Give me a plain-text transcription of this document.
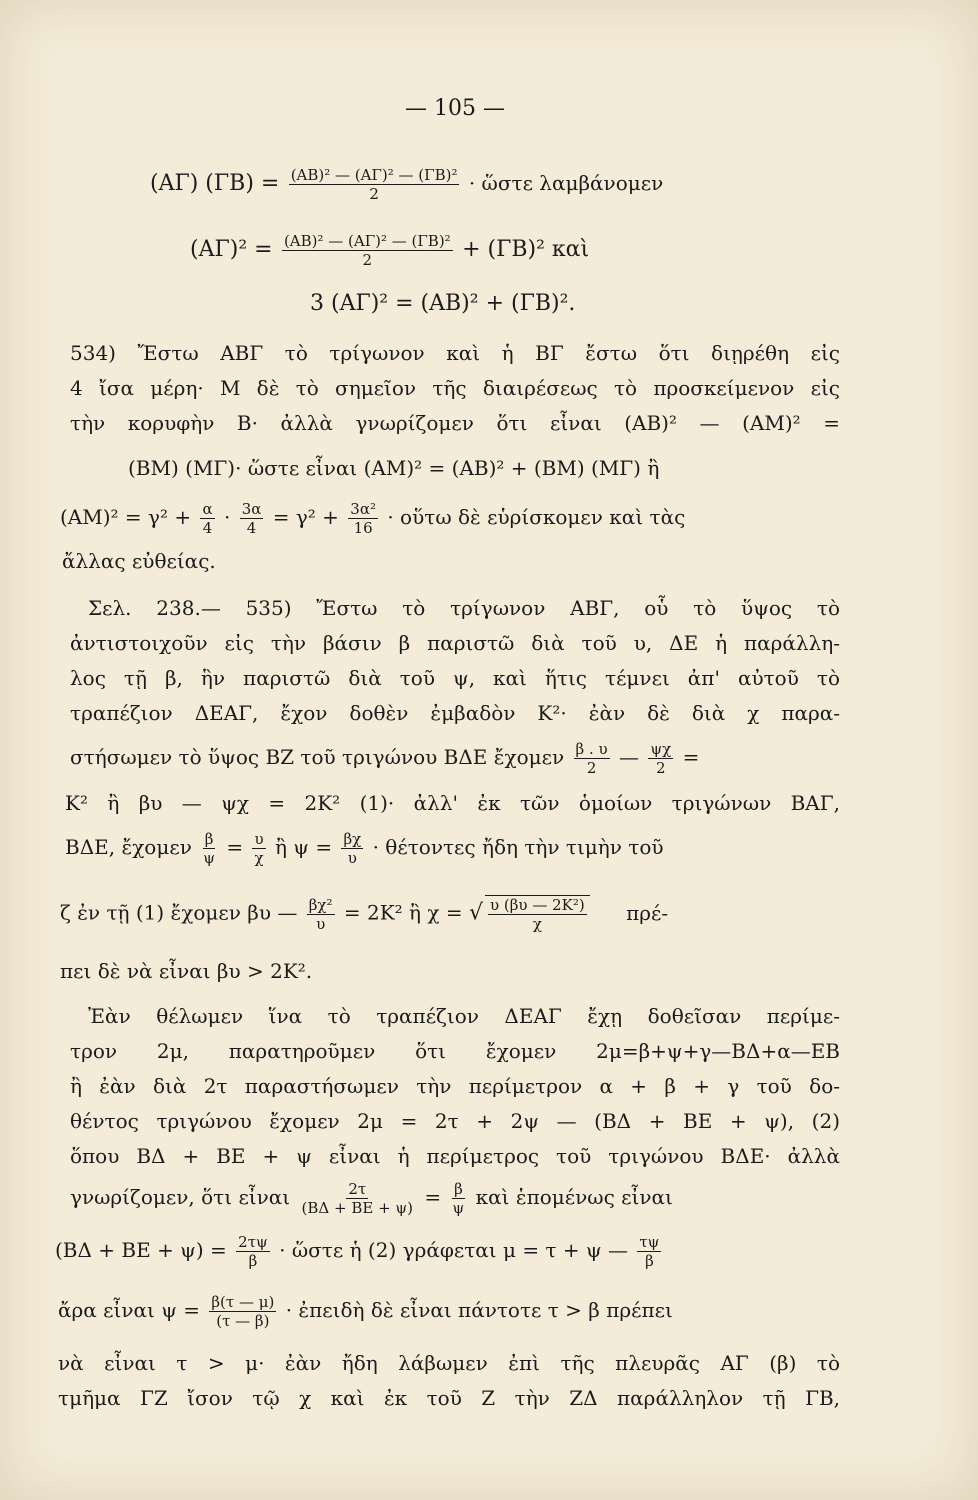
— 105 —
(ΑΓ) $(\Gamma B) = \frac{\text{(ΑΒ)² — (ΑΓ)² — (ΓΒ)²}}{2}$ · ὥστε λαμβάνομεν
$(A\Gamma)^2 = \frac{\text{(ΑΒ)² — (ΑΓ)² — (ΓΒ)²}}{2} + (\Gamma B)^2$ καὶ
3 (ΑΓ)² = (ΑΒ)² + (ΓΒ)².
534) Ἔστω ΑΒΓ τὸ τρίγωνον καὶ ἡ ΒΓ ἔστω ὅτι διῃρέθη εἰς
4 ἴσα μέρη· Μ δὲ τὸ σημεῖον τῆς διαιρέσεως τὸ προσκείμενον εἰς
τὴν κορυφὴν Β· ἀλλὰ γνωρίζομεν ὅτι εἶναι (ΑΒ)² — (ΑΜ)² =
(ΒΜ) (ΜΓ)· ὥστε εἶναι (ΑΜ)² = (ΑΒ)² + (ΒΜ) (ΜΓ) ἢ
$(AM)^2 = \gamma^2 + \frac{\alpha}{4} \cdot \frac{3\alpha}{4} = \gamma^2 + \frac{\text{3α²}}{16}$ · οὕτω δὲ εὑρίσκομεν καὶ τὰς
ἄλλας εὐθείας.
Σελ. 238.— 535) Ἔστω τὸ τρίγωνον ΑΒΓ, οὗ τὸ ὕψος τὸ
ἀντιστοιχοῦν εἰς τὴν βάσιν β παριστῶ διὰ τοῦ υ, ΔΕ ἡ παράλλη-
λος τῇ β, ἣν παριστῶ διὰ τοῦ ψ, καὶ ἥτις τέμνει ἀπ' αὐτοῦ τὸ
τραπέζιον ΔΕΑΓ, ἔχον δοθὲν ἐμβαδὸν Κ²· ἐὰν δὲ διὰ χ παρα-
στήσωμεν τὸ ὕψος ΒΖ τοῦ τριγώνου ΒΔΕ ἔχομεν $\frac{\beta . \upsilon}{2}$ — $\frac{\psi\chi}{2}$ =
Κ² ἢ βυ — ψχ = 2Κ² (1)· ἀλλ' ἐκ τῶν ὁμοίων τριγώνων ΒΑΓ,
ΒΔΕ, ἔχομεν $\frac{\beta}{\psi} = \frac{\upsilon}{\chi}$ ἢ $\psi = \frac{\beta\chi}{\upsilon} \cdot \theta έ\tau o\nu\tau\varepsilon\varsigma$ ἤδη τὴν τιμὴν τοῦ
ζ ἐν τῇ (1) ἔχομεν βυ — $\frac{\text{βχ²}}{\upsilon} = 2K^2$ ἢ χ = √ $\frac{\text{υ (βυ — 2Κ²)}}{\chi} \pi\rho έ-$
πει δὲ νὰ εἶναι βυ > 2Κ².
Ἐὰν θέλωμεν ἵνα τὸ τραπέζιον ΔΕΑΓ ἔχῃ δοθεῖσαν περίμε-
τρον 2μ, παρατηροῦμεν ὅτι ἔχομεν 2μ=β+ψ+γ—ΒΔ+α—ΕΒ
ἢ ἐὰν διὰ 2τ παραστήσωμεν τὴν περίμετρον α + β + γ τοῦ δο-
θέντος τριγώνου ἔχομεν 2μ = 2τ + 2ψ — (ΒΔ + ΒΕ + ψ), (2)
ὅπου ΒΔ + ΒΕ + ψ εἶναι ἡ περίμετρος τοῦ τριγώνου ΒΔΕ· ἀλλὰ
γνωρίζομεν, ὅτι εἶναι $\frac{2\tau}{(B\Delta + BE + \psi)} = \frac{\beta}{\psi}$ καὶ ἑπομένως εἶναι
$(B\Delta + BE + \psi) = \frac{2\tau\psi}{\beta}$ · ὥστε ἡ (2) γράφεται μ = τ + ψ — $\frac{\tau\psi}{\beta}$
ἄρα εἶναι $\psi = \frac{\beta(\tau — \mu)}{(\tau — \beta)}$ · ἐπειδὴ δὲ εἶναι πάντοτε τ > β πρέπει
νὰ εἶναι τ > μ· ἐὰν ἤδη λάβωμεν ἐπὶ τῆς πλευρᾶς ΑΓ (β) τὸ
τμῆμα ΓΖ ἴσον τῷ χ καὶ ἐκ τοῦ Ζ τὴν ΖΔ παράλληλον τῇ ΓΒ,
